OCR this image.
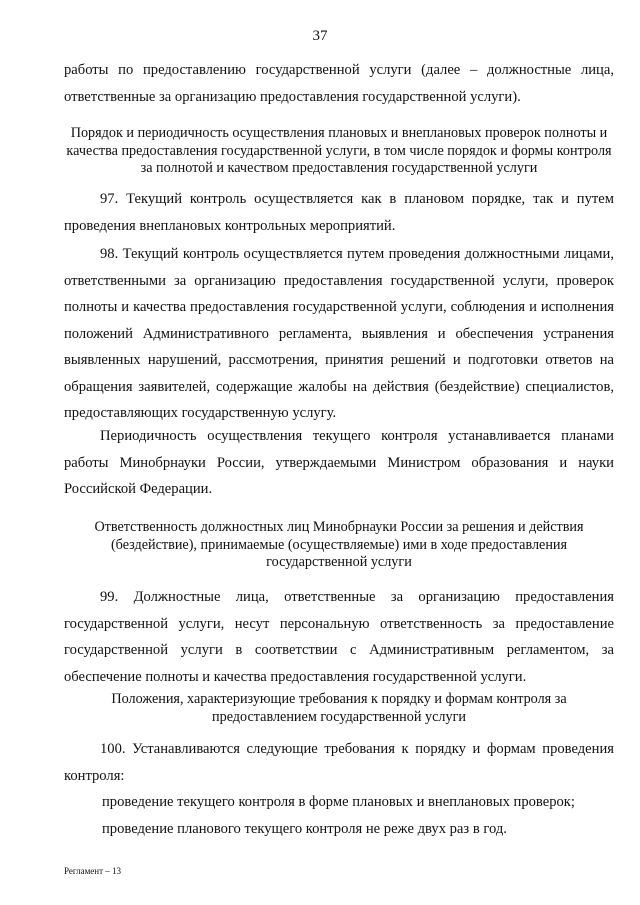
37

работы по предоставлению государственной услуги (далее – должностные лица, ответственные за организацию предоставления государственной услуги).

Порядок и периодичность осуществления плановых и внеплановых проверок полноты и качества предоставления государственной услуги, в том числе порядок и формы контроля за полнотой и качеством предоставления государственной услуги

97. Текущий контроль осуществляется как в плановом порядке, так и путем проведения внеплановых контрольных мероприятий.

98. Текущий контроль осуществляется путем проведения должностными лицами, ответственными за организацию предоставления государственной услуги, проверок полноты и качества предоставления государственной услуги, соблюдения и исполнения положений Административного регламента, выявления и обеспечения устранения выявленных нарушений, рассмотрения, принятия решений и подготовки ответов на обращения заявителей, содержащие жалобы на действия (бездействие) специалистов, предоставляющих государственную услугу.

Периодичность осуществления текущего контроля устанавливается планами работы Минобрнауки России, утверждаемыми Министром образования и науки Российской Федерации.

Ответственность должностных лиц Минобрнауки России за решения и действия (бездействие), принимаемые (осуществляемые) ими в ходе предоставления государственной услуги

99. Должностные лица, ответственные за организацию предоставления государственной услуги, несут персональную ответственность за предоставление государственной услуги в соответствии с Административным регламентом, за обеспечение полноты и качества предоставления государственной услуги.

Положения, характеризующие требования к порядку и формам контроля за предоставлением государственной услуги

100. Устанавливаются следующие требования к порядку и формам проведения контроля:

проведение текущего контроля в форме плановых и внеплановых проверок;

проведение планового текущего контроля не реже двух раз в год.

Регламент – 13
